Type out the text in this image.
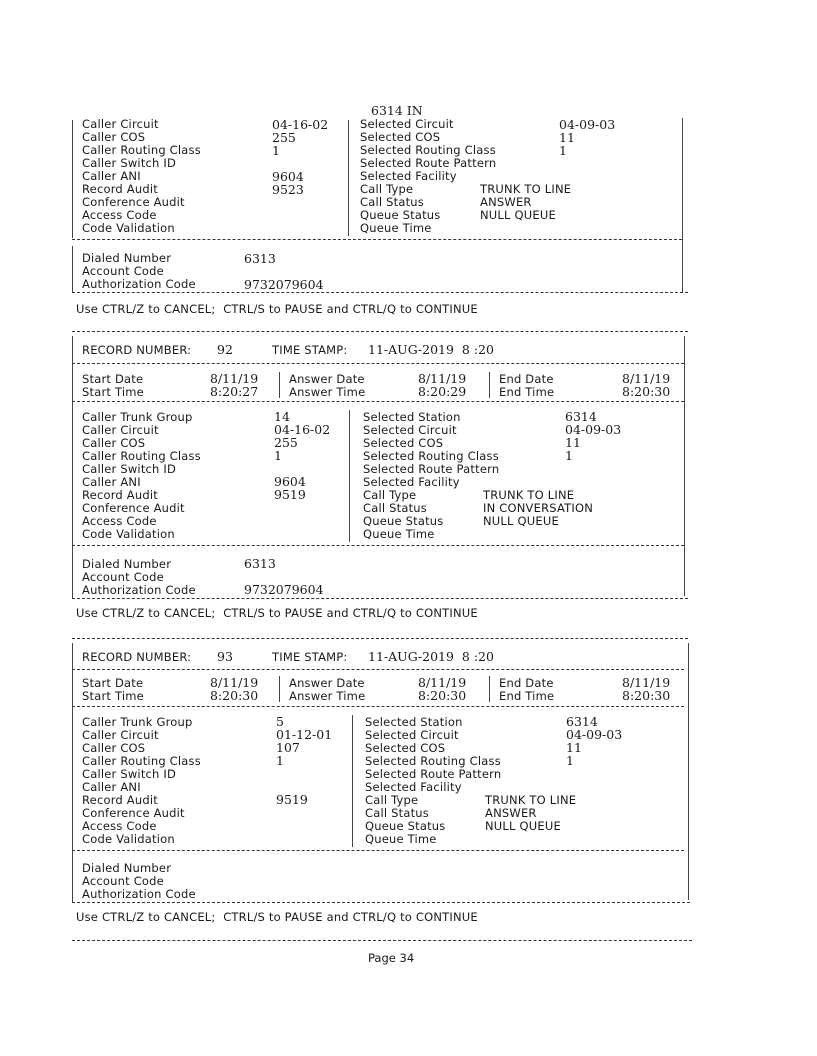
6314 IN
Caller Circuit
Caller COS
Caller Routing Class
Caller Switch ID
Caller ANI
Record Audit
Conference Audit
Access Code
Code Validation
04-16-02
255
1
9604
9523
Selected Circuit
Selected COS
Selected Routing Class
Selected Route Pattern
Selected Facility
Call Type
Call Status
Queue Status
Queue Time
04-09-03
11
1
TRUNK TO LINE
ANSWER
NULL QUEUE
Dialed Number
Account Code
Authorization Code
6313
9732079604
Use CTRL/Z to CANCEL;  CTRL/S to PAUSE and CTRL/Q to CONTINUE
RECORD NUMBER: 92	TIME STAMP: 11-AUG-2019  8 :20
Start Date
Start Time
8/11/19
8:20:27
Answer Date
Answer Time
8/11/19
8:20:29
End Date
End Time
8/11/19
8:20:30
Caller Trunk Group
Caller Circuit
Caller COS
Caller Routing Class
Caller Switch ID
Caller ANI
Record Audit
Conference Audit
Access Code
Code Validation
14
04-16-02
255
1
9604
9519
Selected Station
Selected Circuit
Selected COS
Selected Routing Class
Selected Route Pattern
Selected Facility
Call Type
Call Status
Queue Status
Queue Time
6314
04-09-03
11
1
TRUNK TO LINE
IN CONVERSATION
NULL QUEUE
Dialed Number
Account Code
Authorization Code
6313
9732079604
Use CTRL/Z to CANCEL;  CTRL/S to PAUSE and CTRL/Q to CONTINUE
RECORD NUMBER: 93	TIME STAMP: 11-AUG-2019  8 :20
Start Date
Start Time
8/11/19
8:20:30
Answer Date
Answer Time
8/11/19
8:20:30
End Date
End Time
8/11/19
8:20:30
Caller Trunk Group
Caller Circuit
Caller COS
Caller Routing Class
Caller Switch ID
Caller ANI
Record Audit
Conference Audit
Access Code
Code Validation
5
01-12-01
107
1
9519
Selected Station
Selected Circuit
Selected COS
Selected Routing Class
Selected Route Pattern
Selected Facility
Call Type
Call Status
Queue Status
Queue Time
6314
04-09-03
11
1
TRUNK TO LINE
ANSWER
NULL QUEUE
Dialed Number
Account Code
Authorization Code
Use CTRL/Z to CANCEL;  CTRL/S to PAUSE and CTRL/Q to CONTINUE
Page 34
